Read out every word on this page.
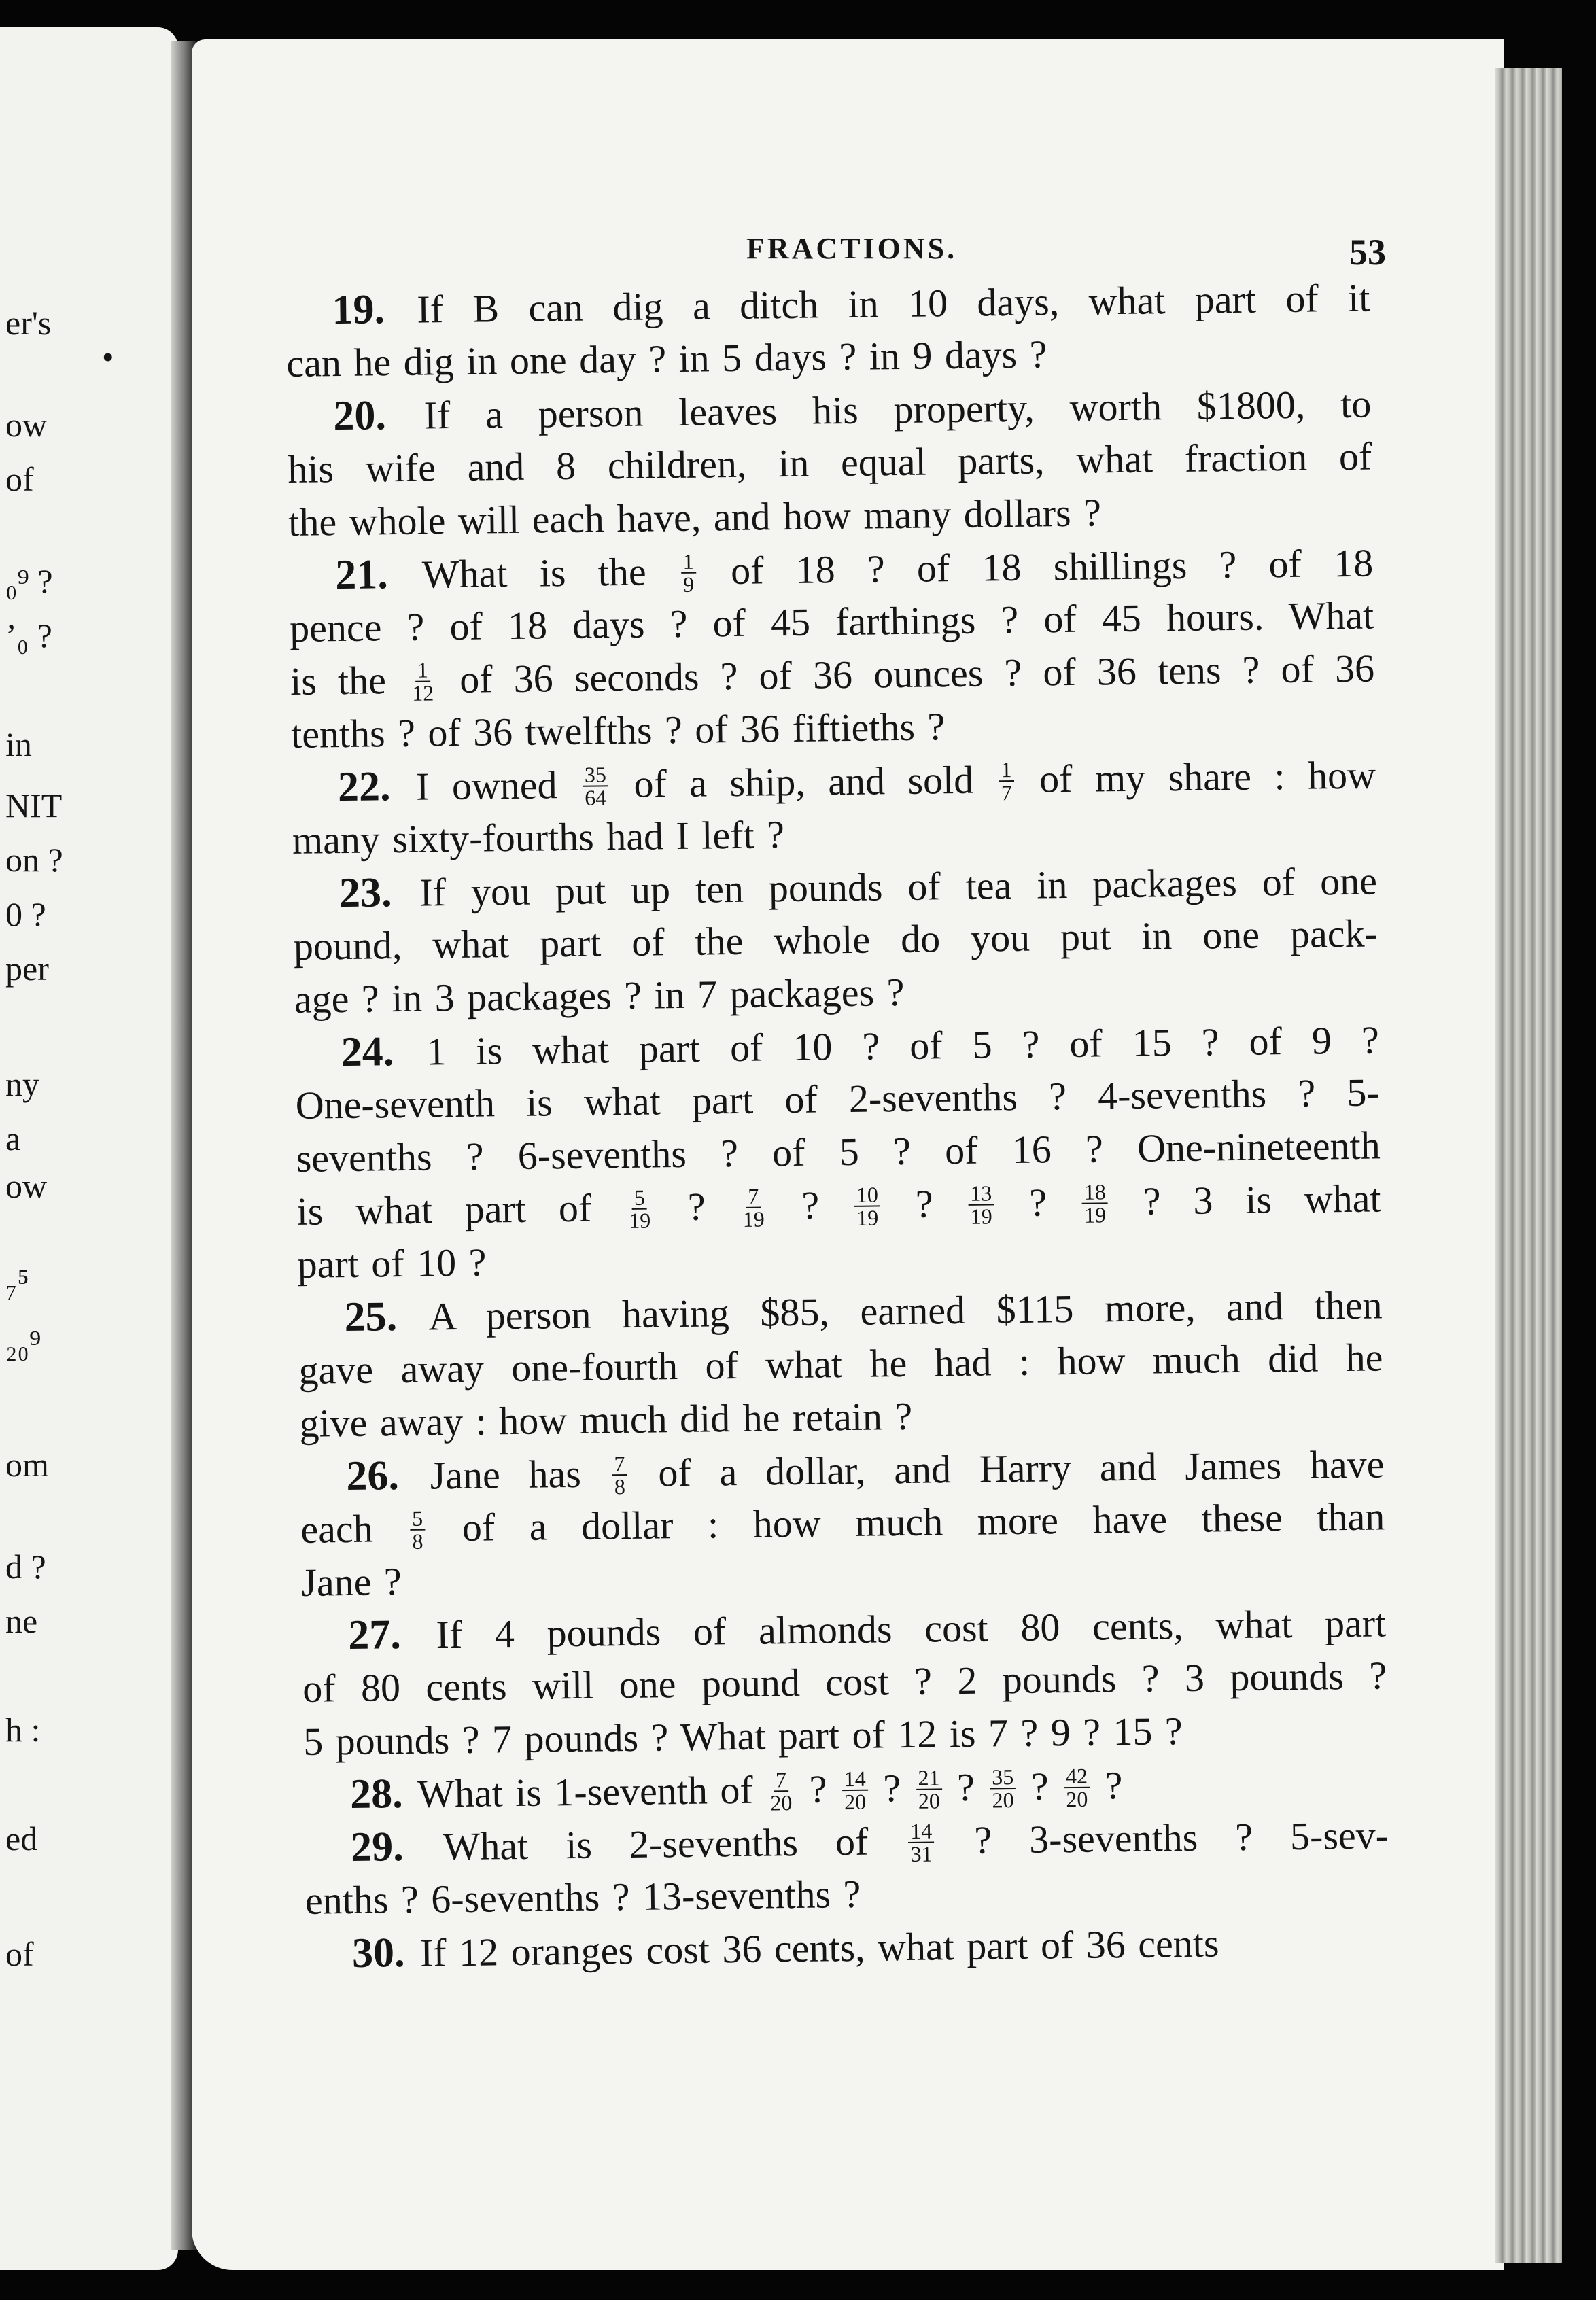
er's
•
ow
of
₀⁹ ?
ʼ₀ ?
in
NIT
on ?
0 ?
per
ny
a
ow
₇⁵
₂₀⁹
om
d ?
ne
h :
ed
of
FRACTIONS.	53
19. If B can dig a ditch in 10 days, what part of it
can he dig in one day ? in 5 days ? in 9 days ?
20. If a person leaves his property, worth $1800, to
his wife and 8 children, in equal parts, what fraction of
the whole will each have, and how many dollars ?
21. What is the $\frac{1}{9}$ of 18 ? of 18 shillings ? of 18
pence ? of 18 days ? of 45 farthings ? of 45 hours. What
is the $\frac{1}{12}$ of 36 seconds ? of 36 ounces ? of 36 tens ? of 36
tenths ? of 36 twelfths ? of 36 fiftieths ?
22. I owned $\frac{35}{64}$ of a ship, and sold $\frac{1}{7}$ of my share : how
many sixty-fourths had I left ?
23. If you put up ten pounds of tea in packages of one
pound, what part of the whole do you put in one pack-
age ? in 3 packages ? in 7 packages ?
24. 1 is what part of 10 ? of 5 ? of 15 ? of 9 ?
One-seventh is what part of 2-sevenths ? 4-sevenths ? 5-
sevenths ? 6-sevenths ? of 5 ? of 16 ? One-nineteenth
is what part of $\frac{5}{19}$ ? $\frac{7}{19}$ ? $\frac{10}{19}$ ? $\frac{13}{19}$ ? $\frac{18}{19}$ ? 3 is what
part of 10 ?
25. A person having $85, earned $115 more, and then
gave away one-fourth of what he had : how much did he
give away : how much did he retain ?
26. Jane has $\frac{7}{8}$ of a dollar, and Harry and James have
each $\frac{5}{8}$ of a dollar : how much more have these than
Jane ?
27. If 4 pounds of almonds cost 80 cents, what part
of 80 cents will one pound cost ? 2 pounds ? 3 pounds ?
5 pounds ? 7 pounds ? What part of 12 is 7 ? 9 ? 15 ?
28. What is 1-seventh of $\frac{7}{20}$ ? $\frac{14}{20}$ ? $\frac{21}{20}$ ? $\frac{35}{20}$ ? $\frac{42}{20}$ ?
29. What is 2-sevenths of $\frac{14}{31}$ ? 3-sevenths ? 5-sev-
enths ? 6-sevenths ? 13-sevenths ?
30. If 12 oranges cost 36 cents, what part of 36 cents
